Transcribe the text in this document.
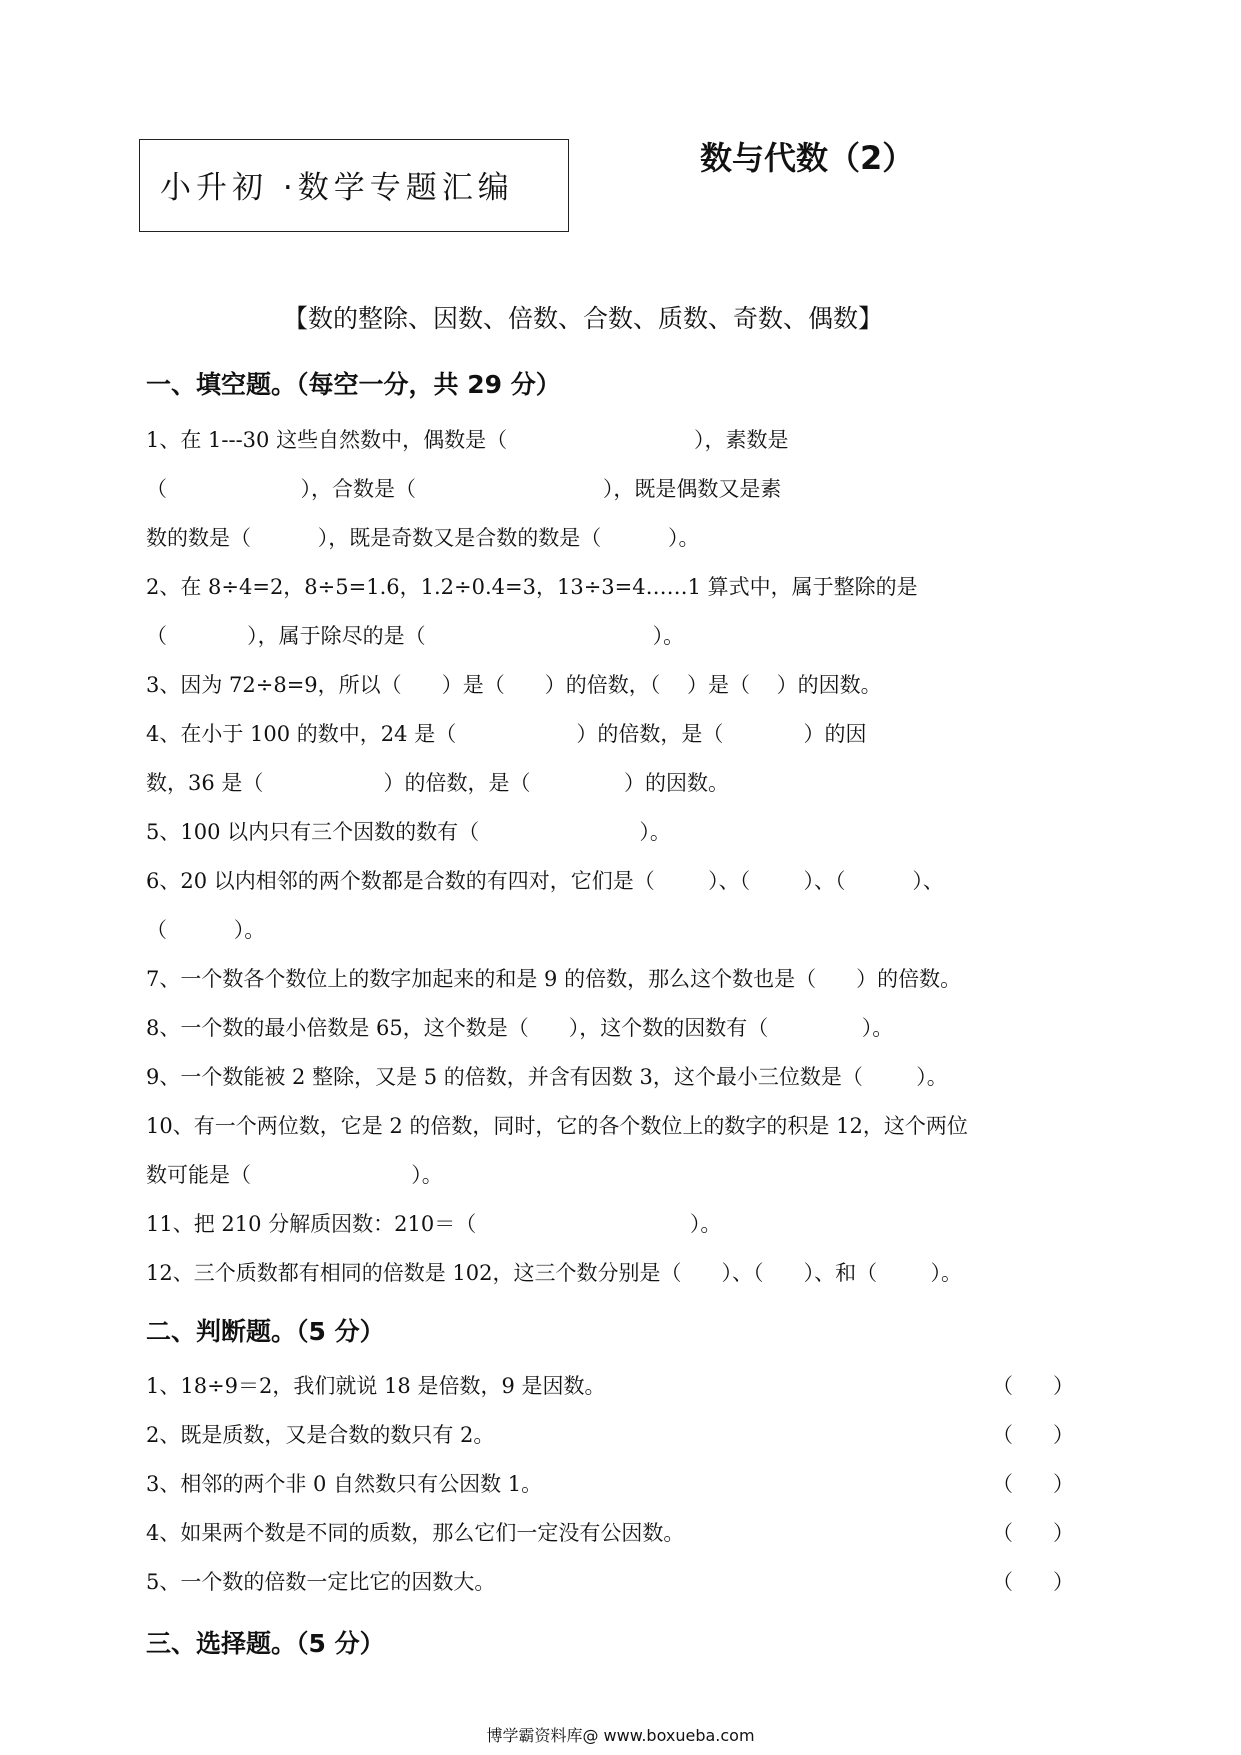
小升初 ·数学专题汇编
数与代数（2）
【数的整除、因数、倍数、合数、质数、奇数、偶数】
一、填空题。（每空一分，共 29 分）
1、在 1---30 这些自然数中，偶数是（                            ），素数是
（                    ），合数是（                            ），既是偶数又是素
数的数是（          ），既是奇数又是合数的数是（          ）。
2、在 8÷4=2，8÷5=1.6，1.2÷0.4=3，13÷3=4……1 算式中，属于整除的是
（            ），属于除尽的是（                                  ）。
3、因为 72÷8=9，所以（      ）是（      ）的倍数，（    ）是（    ）的因数。
4、在小于 100 的数中，24 是（                  ）的倍数，是（            ）的因
数，36 是（                  ）的倍数，是（              ）的因数。
5、100 以内只有三个因数的数有（                        ）。
6、20 以内相邻的两个数都是合数的有四对，它们是（        ）、（        ）、（          ）、
（          ）。
7、一个数各个数位上的数字加起来的和是 9 的倍数，那么这个数也是（      ）的倍数。
8、一个数的最小倍数是 65，这个数是（      ），这个数的因数有（              ）。
9、一个数能被 2 整除，又是 5 的倍数，并含有因数 3，这个最小三位数是（        ）。
10、有一个两位数，它是 2 的倍数，同时，它的各个数位上的数字的积是 12，这个两位
数可能是（                        ）。
11、把 210 分解质因数：210＝（                                ）。
12、三个质数都有相同的倍数是 102，这三个数分别是（      ）、（      ）、和（        ）。
二、判断题。（5 分）
1、18÷9＝2，我们就说 18 是倍数，9 是因数。	（      ）
2、既是质数，又是合数的数只有 2。	（      ）
3、相邻的两个非 0 自然数只有公因数 1。	（      ）
4、如果两个数是不同的质数，那么它们一定没有公因数。	（      ）
5、一个数的倍数一定比它的因数大。	（      ）
三、选择题。（5 分）
博学霸资料库@ www.boxueba.com
